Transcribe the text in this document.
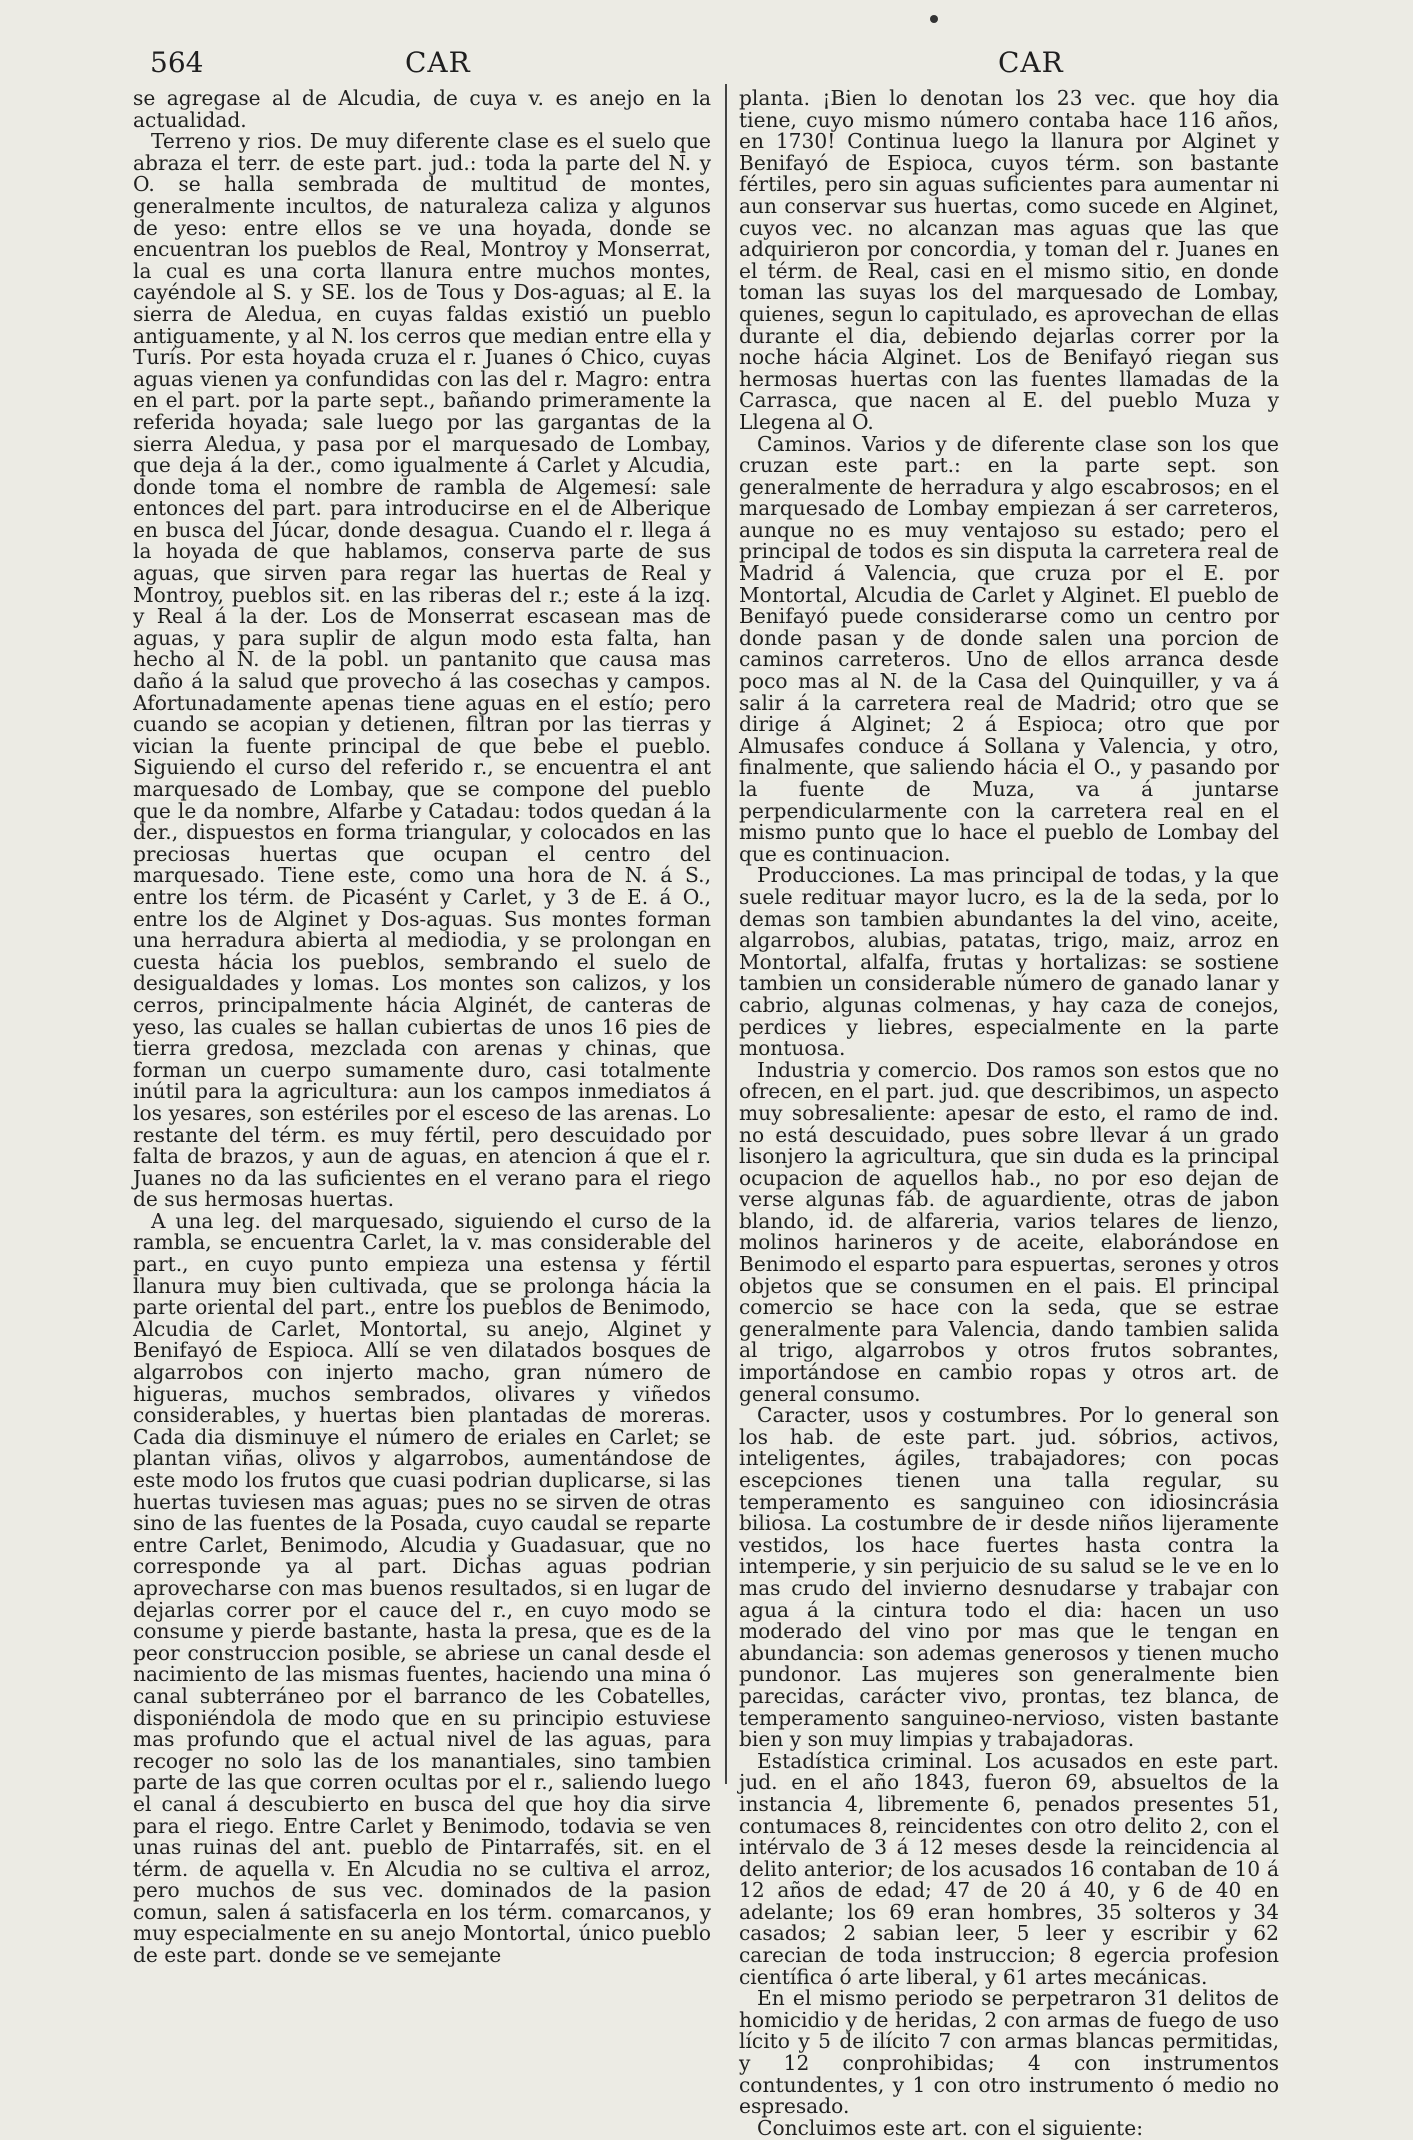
564	CAR	CAR

se agregase al de Alcudia, de cuya v. es anejo en la actualidad.

Terreno y rios. De muy diferente clase es el suelo que abraza el terr. de este part. jud.: toda la parte del N. y O. se halla sembrada de multitud de montes, generalmente incultos, de naturaleza caliza y algunos de yeso: entre ellos se ve una hoyada, donde se encuentran los pueblos de Real, Montroy y Monserrat, la cual es una corta llanura entre muchos montes, cayéndole al S. y SE. los de Tous y Dos-aguas; al E. la sierra de Aledua, en cuyas faldas existió un pueblo antiguamente, y al N. los cerros que median entre ella y Turís. Por esta hoyada cruza el r. Juanes ó Chico, cuyas aguas vienen ya confundidas con las del r. Magro: entra en el part. por la parte sept., bañando primeramente la referida hoyada; sale luego por las gargantas de la sierra Aledua, y pasa por el marquesado de Lombay, que deja á la der., como igualmente á Carlet y Alcudia, donde toma el nombre de rambla de Algemesí: sale entonces del part. para introducirse en el de Alberique en busca del Júcar, donde desagua. Cuando el r. llega á la hoyada de que hablamos, conserva parte de sus aguas, que sirven para regar las huertas de Real y Montroy, pueblos sit. en las riberas del r.; este á la izq. y Real á la der. Los de Monserrat escasean mas de aguas, y para suplir de algun modo esta falta, han hecho al N. de la pobl. un pantanito que causa mas daño á la salud que provecho á las cosechas y campos. Afortunadamente apenas tiene aguas en el estío; pero cuando se acopian y detienen, filtran por las tierras y vician la fuente principal de que bebe el pueblo. Siguiendo el curso del referido r., se encuentra el ant marquesado de Lombay, que se compone del pueblo que le da nombre, Alfarbe y Catadau: todos quedan á la der., dispuestos en forma triangular, y colocados en las preciosas huertas que ocupan el centro del marquesado. Tiene este, como una hora de N. á S., entre los térm. de Picasént y Carlet, y 3 de E. á O., entre los de Alginet y Dos-aguas. Sus montes forman una herradura abierta al mediodia, y se prolongan en cuesta hácia los pueblos, sembrando el suelo de desigualdades y lomas. Los montes son calizos, y los cerros, principalmente hácia Alginét, de canteras de yeso, las cuales se hallan cubiertas de unos 16 pies de tierra gredosa, mezclada con arenas y chinas, que forman un cuerpo sumamente duro, casi totalmente inútil para la agricultura: aun los campos inmediatos á los yesares, son estériles por el esceso de las arenas. Lo restante del térm. es muy fértil, pero descuidado por falta de brazos, y aun de aguas, en atencion á que el r. Juanes no da las suficientes en el verano para el riego de sus hermosas huertas.

A una leg. del marquesado, siguiendo el curso de la rambla, se encuentra Carlet, la v. mas considerable del part., en cuyo punto empieza una estensa y fértil llanura muy bien cultivada, que se prolonga hácia la parte oriental del part., entre los pueblos de Benimodo, Alcudia de Carlet, Montortal, su anejo, Alginet y Benifayó de Espioca. Allí se ven dilatados bosques de algarrobos con injerto macho, gran número de higueras, muchos sembrados, olivares y viñedos considerables, y huertas bien plantadas de moreras. Cada dia disminuye el número de eriales en Carlet; se plantan viñas, olivos y algarrobos, aumentándose de este modo los frutos que cuasi podrian duplicarse, si las huertas tuviesen mas aguas; pues no se sirven de otras sino de las fuentes de la Posada, cuyo caudal se reparte entre Carlet, Benimodo, Alcudia y Guadasuar, que no corresponde ya al part. Dichas aguas podrian aprovecharse con mas buenos resultados, si en lugar de dejarlas correr por el cauce del r., en cuyo modo se consume y pierde bastante, hasta la presa, que es de la peor construccion posible, se abriese un canal desde el nacimiento de las mismas fuentes, haciendo una mina ó canal subterráneo por el barranco de les Cobatelles, disponiéndola de modo que en su principio estuviese mas profundo que el actual nivel de las aguas, para recoger no solo las de los manantiales, sino tambien parte de las que corren ocultas por el r., saliendo luego el canal á descubierto en busca del que hoy dia sirve para el riego. Entre Carlet y Benimodo, todavia se ven unas ruinas del ant. pueblo de Pintarrafés, sit. en el térm. de aquella v. En Alcudia no se cultiva el arroz, pero muchos de sus vec. dominados de la pasion comun, salen á satisfacerla en los térm. comarcanos, y muy especialmente en su anejo Montortal, único pueblo de este part. donde se ve semejante

planta. ¡Bien lo denotan los 23 vec. que hoy dia tiene, cuyo mismo número contaba hace 116 años, en 1730! Continua luego la llanura por Alginet y Benifayó de Espioca, cuyos térm. son bastante fértiles, pero sin aguas suficientes para aumentar ni aun conservar sus huertas, como sucede en Alginet, cuyos vec. no alcanzan mas aguas que las que adquirieron por concordia, y toman del r. Juanes en el térm. de Real, casi en el mismo sitio, en donde toman las suyas los del marquesado de Lombay, quienes, segun lo capitulado, es aprovechan de ellas durante el dia, debiendo dejarlas correr por la noche hácia Alginet. Los de Benifayó riegan sus hermosas huertas con las fuentes llamadas de la Carrasca, que nacen al E. del pueblo Muza y Llegena al O.

Caminos. Varios y de diferente clase son los que cruzan este part.: en la parte sept. son generalmente de herradura y algo escabrosos; en el marquesado de Lombay empiezan á ser carreteros, aunque no es muy ventajoso su estado; pero el principal de todos es sin disputa la carretera real de Madrid á Valencia, que cruza por el E. por Montortal, Alcudia de Carlet y Alginet. El pueblo de Benifayó puede considerarse como un centro por donde pasan y de donde salen una porcion de caminos carreteros. Uno de ellos arranca desde poco mas al N. de la Casa del Quinquiller, y va á salir á la carretera real de Madrid; otro que se dirige á Alginet; 2 á Espioca; otro que por Almusafes conduce á Sollana y Valencia, y otro, finalmente, que saliendo hácia el O., y pasando por la fuente de Muza, va á juntarse perpendicularmente con la carretera real en el mismo punto que lo hace el pueblo de Lombay del que es continuacion.

Producciones. La mas principal de todas, y la que suele redituar mayor lucro, es la de la seda, por lo demas son tambien abundantes la del vino, aceite, algarrobos, alubias, patatas, trigo, maiz, arroz en Montortal, alfalfa, frutas y hortalizas: se sostiene tambien un considerable número de ganado lanar y cabrio, algunas colmenas, y hay caza de conejos, perdices y liebres, especialmente en la parte montuosa.

Industria y comercio. Dos ramos son estos que no ofrecen, en el part. jud. que describimos, un aspecto muy sobresaliente: apesar de esto, el ramo de ind. no está descuidado, pues sobre llevar á un grado lisonjero la agricultura, que sin duda es la principal ocupacion de aquellos hab., no por eso dejan de verse algunas fáb. de aguardiente, otras de jabon blando, id. de alfareria, varios telares de lienzo, molinos harineros y de aceite, elaborándose en Benimodo el esparto para espuertas, serones y otros objetos que se consumen en el pais. El principal comercio se hace con la seda, que se estrae generalmente para Valencia, dando tambien salida al trigo, algarrobos y otros frutos sobrantes, importándose en cambio ropas y otros art. de general consumo.

Caracter, usos y costumbres. Por lo general son los hab. de este part. jud. sóbrios, activos, inteligentes, ágiles, trabajadores; con pocas escepciones tienen una talla regular, su temperamento es sanguineo con idiosincrásia biliosa. La costumbre de ir desde niños lijeramente vestidos, los hace fuertes hasta contra la intemperie, y sin perjuicio de su salud se le ve en lo mas crudo del invierno desnudarse y trabajar con agua á la cintura todo el dia: hacen un uso moderado del vino por mas que le tengan en abundancia: son ademas generosos y tienen mucho pundonor. Las mujeres son generalmente bien parecidas, carácter vivo, prontas, tez blanca, de temperamento sanguineo-nervioso, visten bastante bien y son muy limpias y trabajadoras.

Estadística criminal. Los acusados en este part. jud. en el año 1843, fueron 69, absueltos de la instancia 4, libremente 6, penados presentes 51, contumaces 8, reincidentes con otro delito 2, con el intérvalo de 3 á 12 meses desde la reincidencia al delito anterior; de los acusados 16 contaban de 10 á 12 años de edad; 47 de 20 á 40, y 6 de 40 en adelante; los 69 eran hombres, 35 solteros y 34 casados; 2 sabian leer, 5 leer y escribir y 62 carecian de toda instruccion; 8 egercia profesion científica ó arte liberal, y 61 artes mecánicas.

En el mismo periodo se perpetraron 31 delitos de homicidio y de heridas, 2 con armas de fuego de uso lícito y 5 de ilícito 7 con armas blancas permitidas, y 12 conprohibidas; 4 con instrumentos contundentes, y 1 con otro instrumento ó medio no espresado.

Concluimos este art. con el siguiente:
